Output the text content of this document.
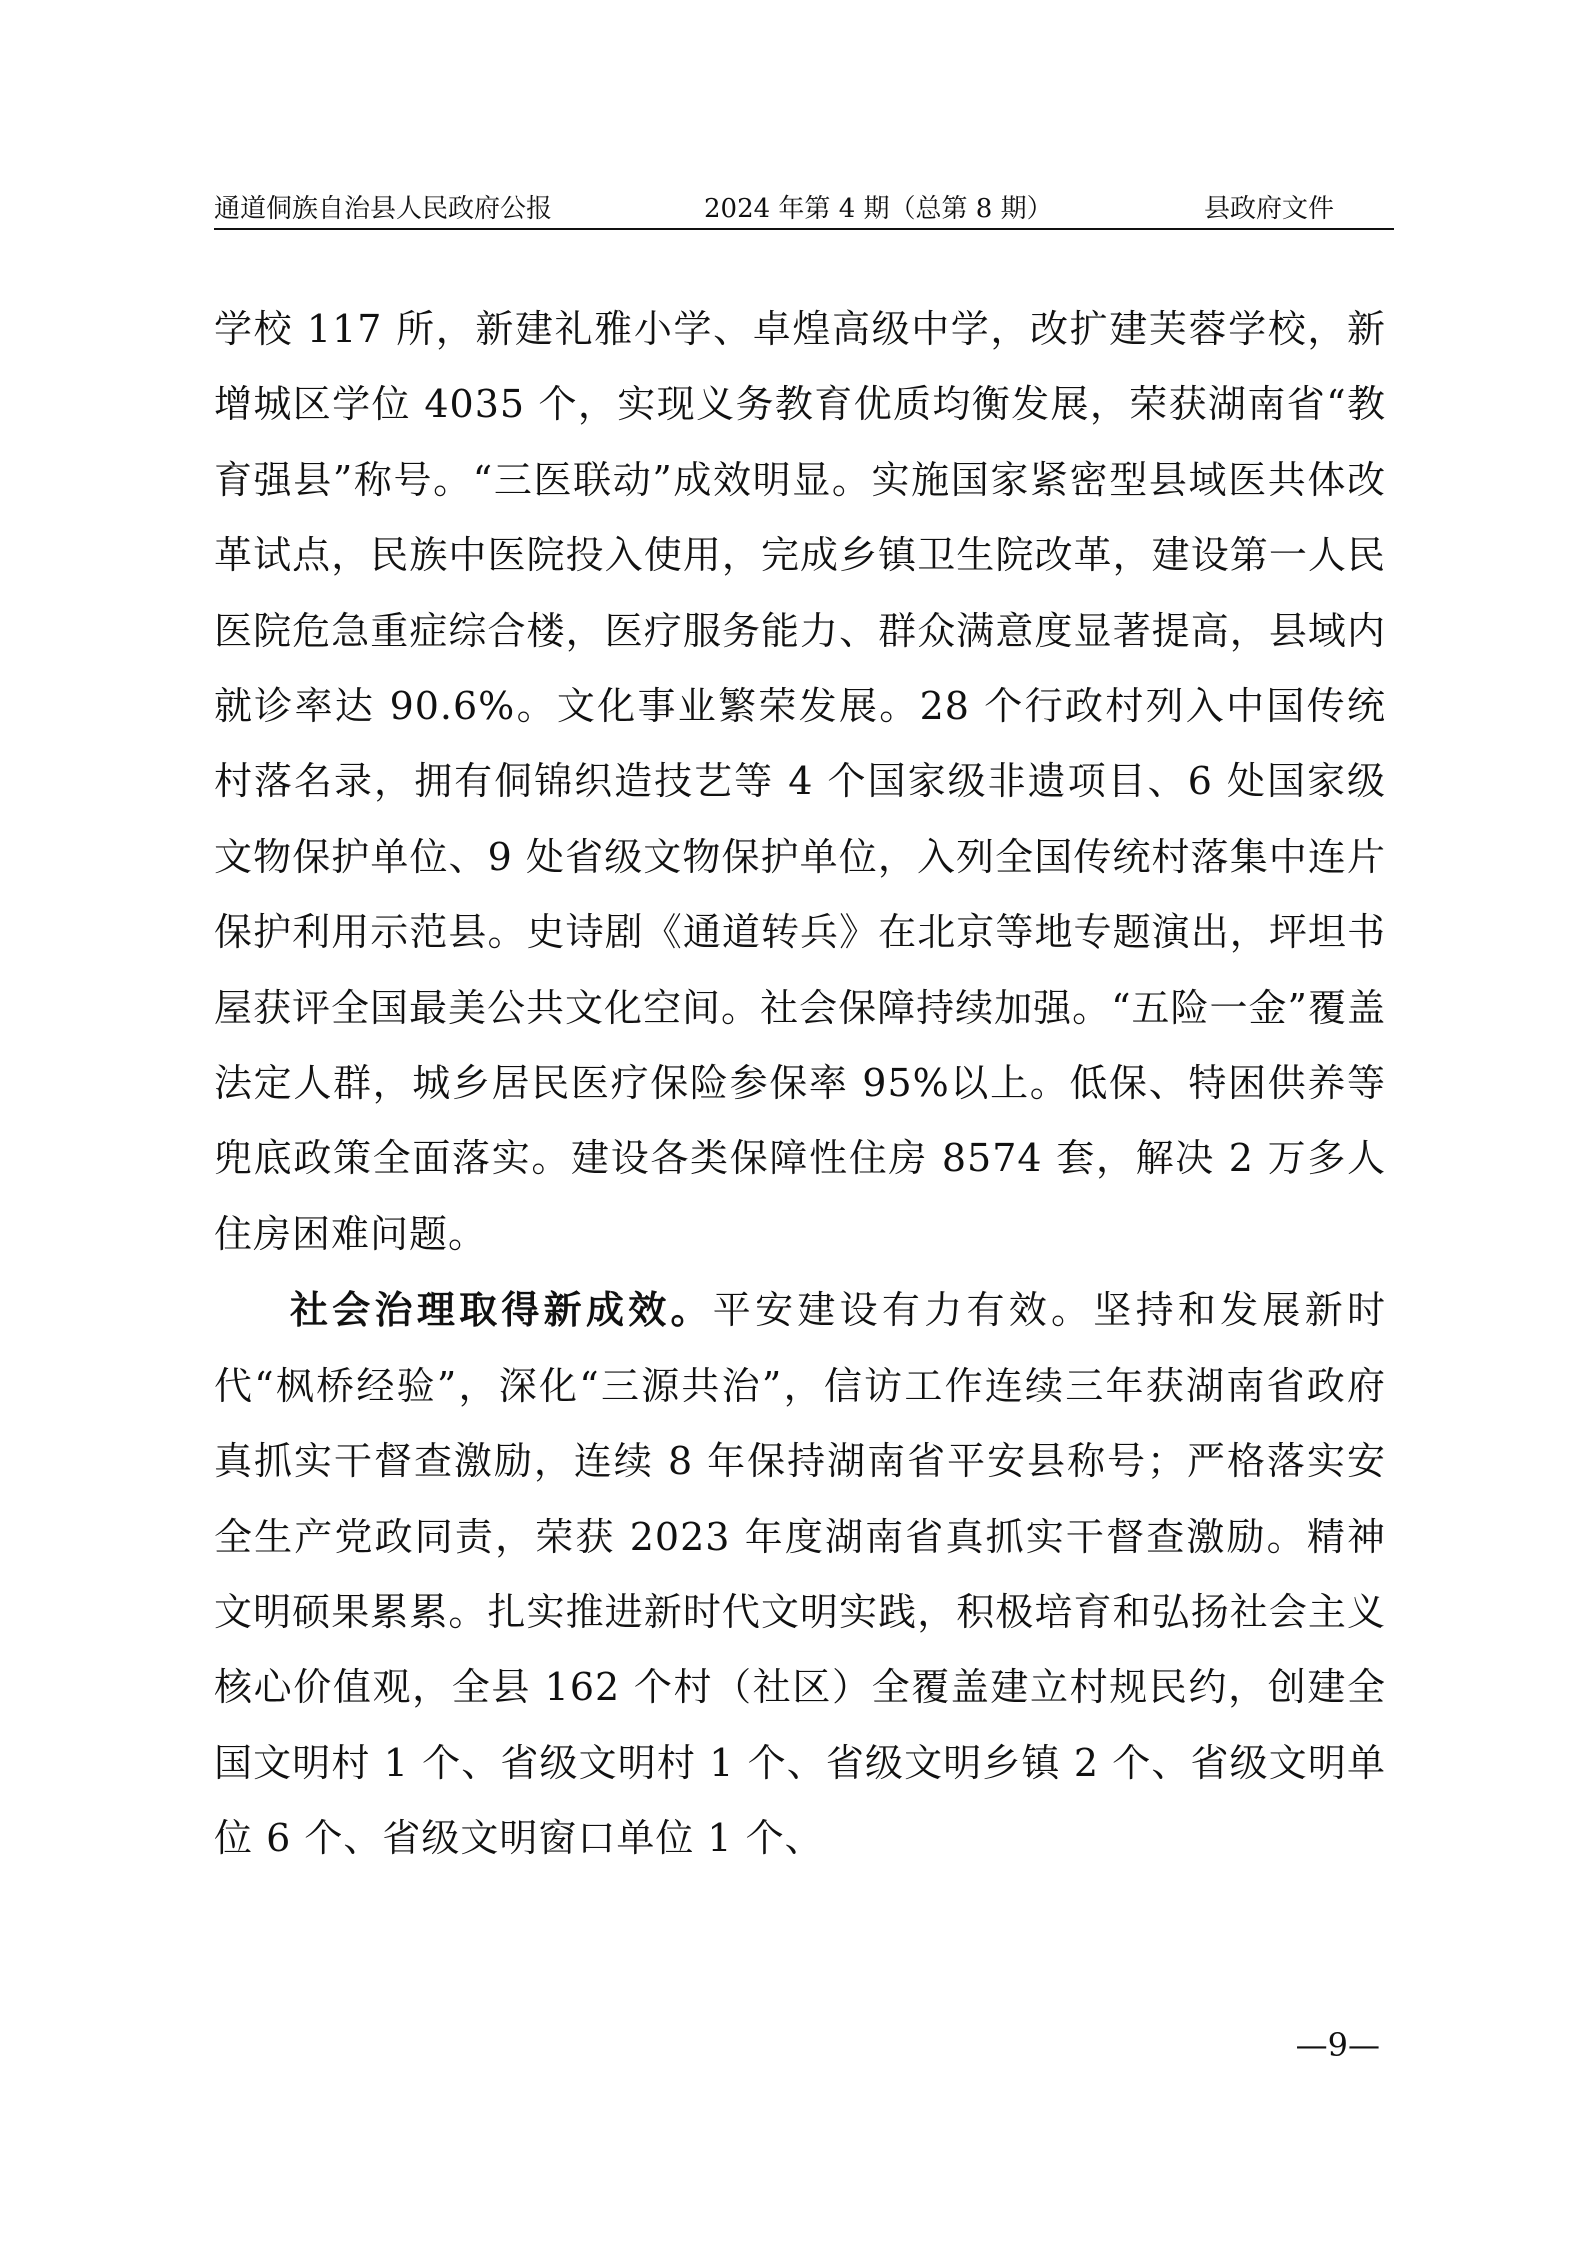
通道侗族自治县人民政府公报	2024 年第 4 期（总第 8 期）	县政府文件

学校 117 所，新建礼雅小学、卓煌高级中学，改扩建芙蓉学校，新增城区学位 4035 个，实现义务教育优质均衡发展，荣获湖南省“教育强县”称号。“三医联动”成效明显。实施国家紧密型县域医共体改革试点，民族中医院投入使用，完成乡镇卫生院改革，建设第一人民医院危急重症综合楼，医疗服务能力、群众满意度显著提高，县域内就诊率达 90.6%。文化事业繁荣发展。28 个行政村列入中国传统村落名录，拥有侗锦织造技艺等 4 个国家级非遗项目、6 处国家级文物保护单位、9 处省级文物保护单位，入列全国传统村落集中连片保护利用示范县。史诗剧《通道转兵》在北京等地专题演出，坪坦书屋获评全国最美公共文化空间。社会保障持续加强。“五险一金”覆盖法定人群，城乡居民医疗保险参保率 95%以上。低保、特困供养等兜底政策全面落实。建设各类保障性住房 8574 套，解决 2 万多人住房困难问题。

社会治理取得新成效。平安建设有力有效。坚持和发展新时代“枫桥经验”，深化“三源共治”，信访工作连续三年获湖南省政府真抓实干督查激励，连续 8 年保持湖南省平安县称号；严格落实安全生产党政同责，荣获 2023 年度湖南省真抓实干督查激励。精神文明硕果累累。扎实推进新时代文明实践，积极培育和弘扬社会主义核心价值观，全县 162 个村（社区）全覆盖建立村规民约，创建全国文明村 1 个、省级文明村 1 个、省级文明乡镇 2 个、省级文明单位 6 个、省级文明窗口单位 1 个、

—9—
